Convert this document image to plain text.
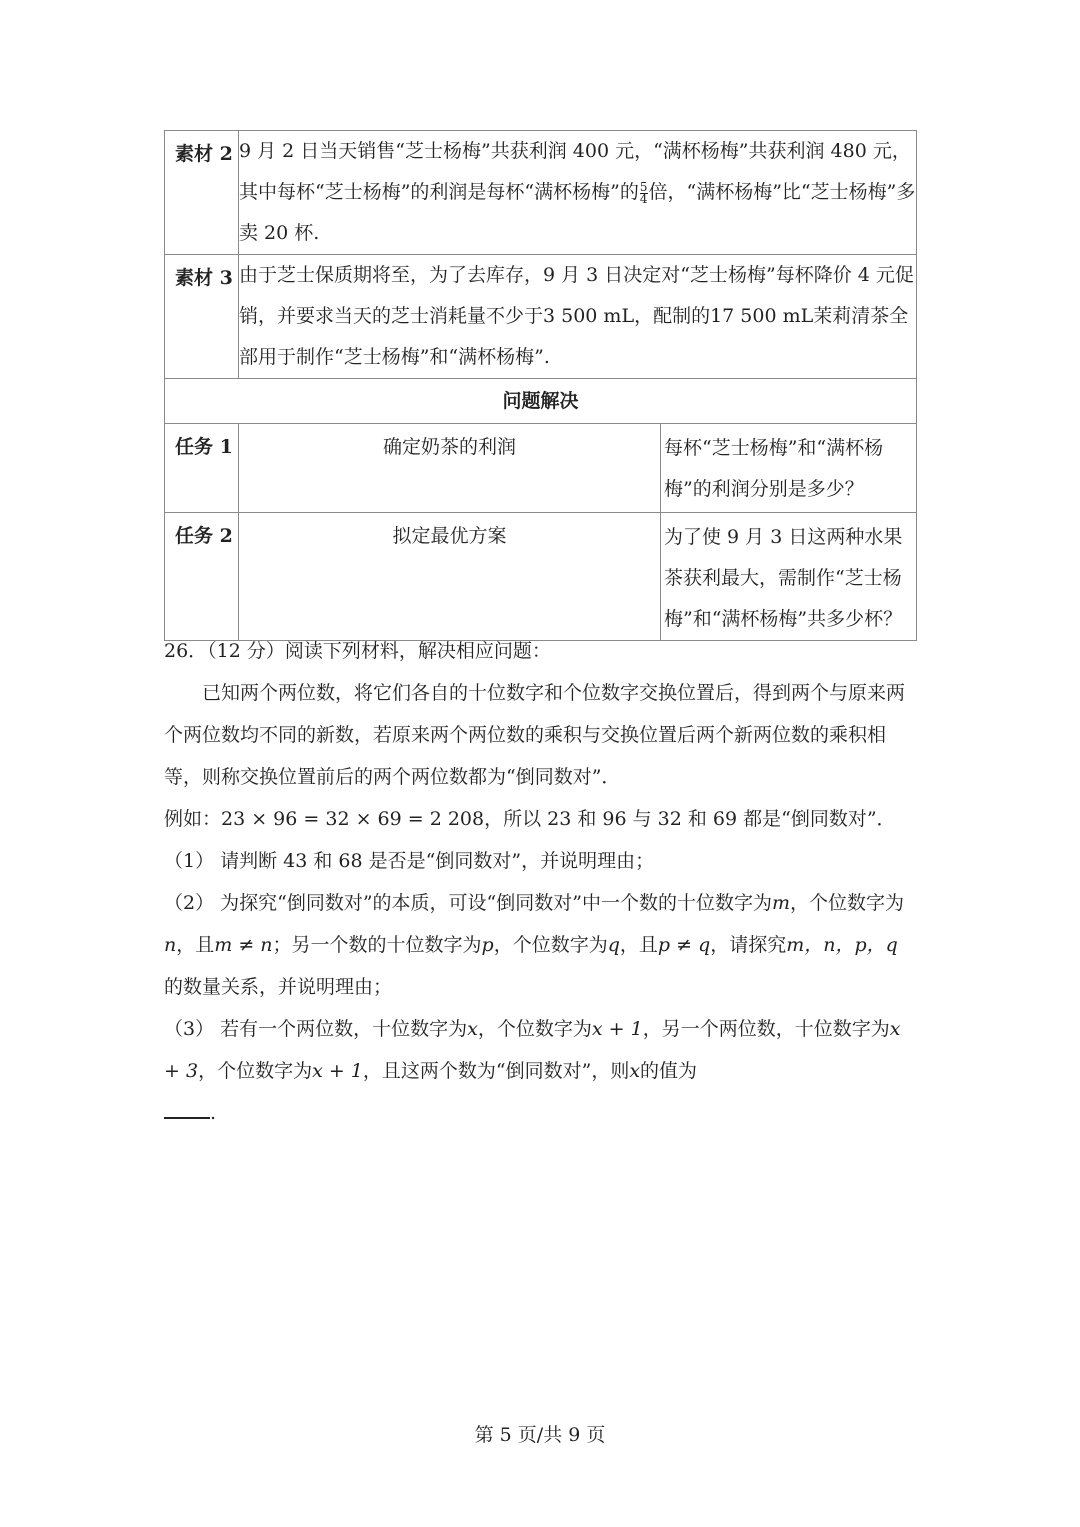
素材 2	9 月 2 日当天销售“芝士杨梅”共获利润 400 元，“满杯杨梅”共获利润 480 元，其中每杯“芝士杨梅”的利润是每杯“满杯杨梅”的 $\frac{5}{4}$ 倍，“满杯杨梅”比“芝士杨梅”多卖 20 杯.	
素材 3	由于芝士保质期将至，为了去库存，9 月 3 日决定对“芝士杨梅”每杯降价 4 元促销，并要求当天的芝士消耗量不少于3 500 mL，配制的17 500 mL茉莉清茶全部用于制作“芝士杨梅”和“满杯杨梅”.	
问题解决		
任务 1	确定奶茶的利润	每杯“芝士杨梅”和“满杯杨梅”的利润分别是多少？
任务 2	拟定最优方案	为了使 9 月 3 日这两种水果茶获利最大，需制作“芝士杨梅”和“满杯杨梅”共多少杯？

26．（12 分）阅读下列材料，解决相应问题：

已知两个两位数，将它们各自的十位数字和个位数字交换位置后，得到两个与原来两个两位数均不同的新数，若原来两个两位数的乘积与交换位置后两个新两位数的乘积相等，则称交换位置前后的两个两位数都为“倒同数对”．

例如：23 × 96 = 32 × 69 = 2 208，所以 23 和 96 与 32 和 69 都是“倒同数对”．

（1） 请判断 43 和 68 是否是“倒同数对”，并说明理由；

（2） 为探究“倒同数对”的本质，可设“倒同数对”中一个数的十位数字为m，个位数字为n，且m ≠ n；另一个数的十位数字为p，个位数字为q，且p ≠ q，请探究m，n，p，q的数量关系，并说明理由；

（3） 若有一个两位数，十位数字为x，个位数字为x + 1，另一个两位数，十位数字为x + 3，个位数字为x + 1，且这两个数为“倒同数对”，则x的值为
.

第 5 页/共 9 页
